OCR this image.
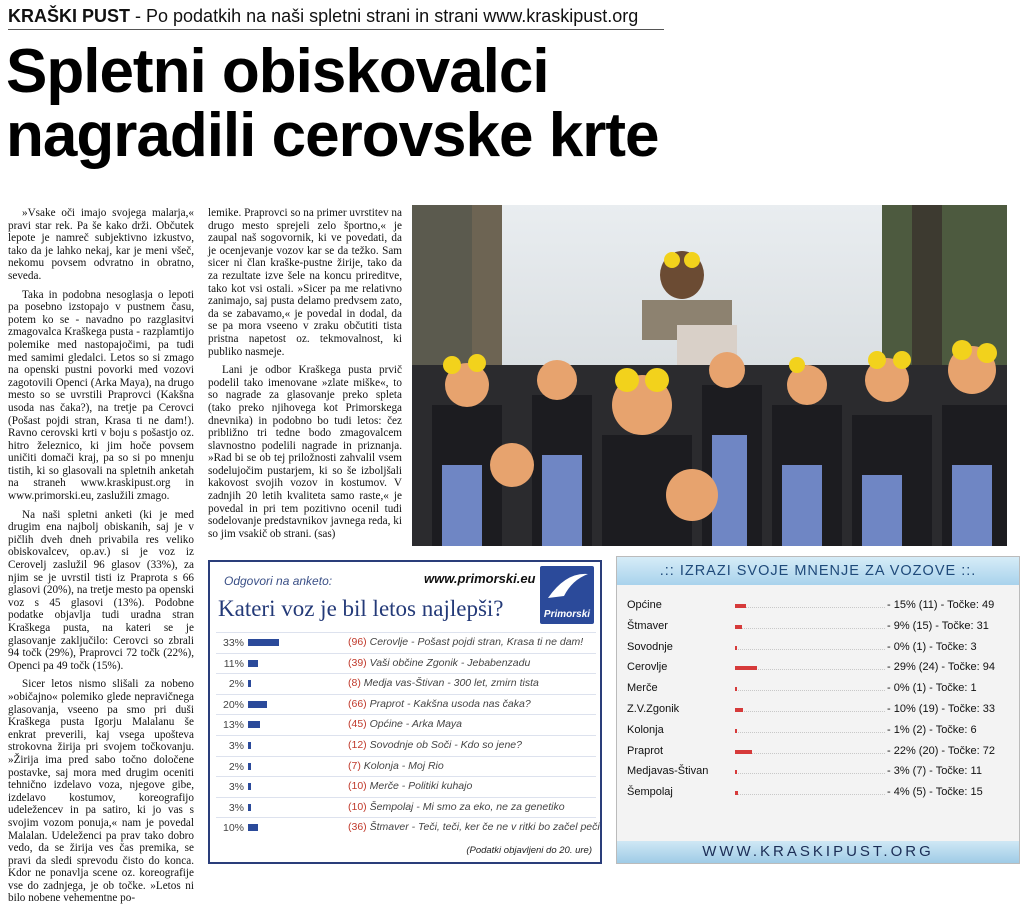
KRAŠKI PUST - Po podatkih na naši spletni strani in strani www.kraskipust.org
Spletni obiskovalci
nagradili cerovske krte

»Vsake oči imajo svojega malarja,« pravi star rek. Pa še kako drži. Občutek lepote je namreč subjektivno izkustvo, tako da je lahko nekaj, kar je meni všeč, nekomu povsem odvratno in obratno, seveda.

Taka in podobna nesoglasja o lepoti pa posebno izstopajo v pustnem času, potem ko se - navadno po razglasitvi zmagovalca Kraškega pusta - razplamtijo polemike med nastopajočimi, pa tudi med samimi gledalci. Letos so si zmago na openski pustni povorki med vozovi zagotovili Openci (Arka Maya), na drugo mesto so se uvrstili Praprovci (Kakšna usoda nas čaka?), na tretje pa Cerovci (Pošast pojdi stran, Krasa ti ne dam!). Ravno cerovski krti v boju s pošastjo oz. hitro železnico, ki jim hoče povsem uničiti domači kraj, pa so si po mnenju tistih, ki so glasovali na spletnih anketah na straneh www.kraskipust.org in www.primorski.eu, zaslužili zmago.

Na naši spletni anketi (ki je med drugim ena najbolj obiskanih, saj je v pičlih dveh dneh privabila res veliko obiskovalcev, op.av.) si je voz iz Cerovelj zaslužil 96 glasov (33%), za njim se je uvrstil tisti iz Praprota s 66 glasovi (20%), na tretje mesto pa openski voz s 45 glasovi (13%). Podobne podatke objavlja tudi uradna stran Kraškega pusta, na kateri se je glasovanje zaključilo: Cerovci so zbrali 94 točk (29%), Praprovci 72 točk (22%), Openci pa 49 točk (15%).

Sicer letos nismo slišali za nobeno »običajno« polemiko glede nepravičnega glasovanja, vseeno pa smo pri duši Kraškega pusta Igorju Malalanu še enkrat preverili, kaj vsega upošteva strokovna žirija pri svojem točkovanju. »Žirija ima pred sabo točno določene postavke, saj mora med drugim oceniti tehnično izdelavo voza, njegove gibe, izdelavo kostumov, koreografijo udeležencev in pa satiro, ki jo vas s svojim vozom ponuja,« nam je povedal Malalan. Udeleženci pa prav tako dobro vedo, da se žirija ves čas premika, se pravi da sledi sprevodu čisto do konca. Kdor ne ponavlja scene oz. koreografije vse do zadnjega, je ob točke. »Letos ni bilo nobene vehementne po-

lemike. Praprovci so na primer uvrstitev na drugo mesto sprejeli zelo športno,« je zaupal naš sogovornik, ki ve povedati, da je ocenjevanje vozov kar se da težko. Sam sicer ni član kraške-pustne žirije, tako da za rezultate izve šele na koncu prireditve, tako kot vsi ostali. »Sicer pa me relativno zanimajo, saj pusta delamo predvsem zato, da se zabavamo,« je povedal in dodal, da se pa mora vseeno v zraku občutiti tista pristna napetost oz. tekmovalnost, ki publiko nasmeje.

Lani je odbor Kraškega pusta prvič podelil tako imenovane »zlate miške«, to so nagrade za glasovanje preko spleta (tako preko njihovega kot Primorskega dnevnika) in podobno bo tudi letos: čez približno tri tedne bodo zmagovalcem slavnostno podelili nagrade in priznanja. »Rad bi se ob tej priložnosti zahvalil vsem sodelujočim pustarjem, ki so še izboljšali kakovost svojih vozov in kostumov. V zadnjih 20 letih kvaliteta samo raste,« je povedal in pri tem pozitivno ocenil tudi sodelovanje predstavnikov javnega reda, ki so jim vsakič ob strani. (sas)

Odgovori na anketo:	www.primorski.eu
Primorski
Kateri voz je bil letos najlepši?
33%	(96) Cerovlje - Pošast pojdi stran, Krasa ti ne dam!
11%	(39) Vaši občine Zgonik - Jebabenzadu
2%	(8) Medja vas-Štivan - 300 let, zmirn tista
20%	(66) Praprot - Kakšna usoda nas čaka?
13%	(45) Općine - Arka Maya
3%	(12) Sovodnje ob Soči - Kdo so jene?
2%	(7) Kolonja - Moj Rio
3%	(10) Merče - Politiki kuhajo
3%	(10) Šempolaj - Mi smo za eko, ne za genetiko
10%	(36) Štmaver - Teči, teči, ker če ne v ritki bo začel peči
(Podatki objavljeni do 20. ure)
.:: IZRAZI SVOJE MNENJE ZA VOZOVE ::.
Općine	- 15% (11) - Točke: 49
Štmaver	- 9% (15) - Točke: 31
Sovodnje	- 0% (1) - Točke: 3
Cerovlje	- 29% (24) - Točke: 94
Merče	- 0% (1) - Točke: 1
Z.V.Zgonik	- 10% (19) - Točke: 33
Kolonja	- 1% (2) - Točke: 6
Praprot	- 22% (20) - Točke: 72
Medjavas-Štivan	- 3% (7) - Točke: 11
Šempolaj	- 4% (5) - Točke: 15
WWW.KRASKIPUST.ORG
